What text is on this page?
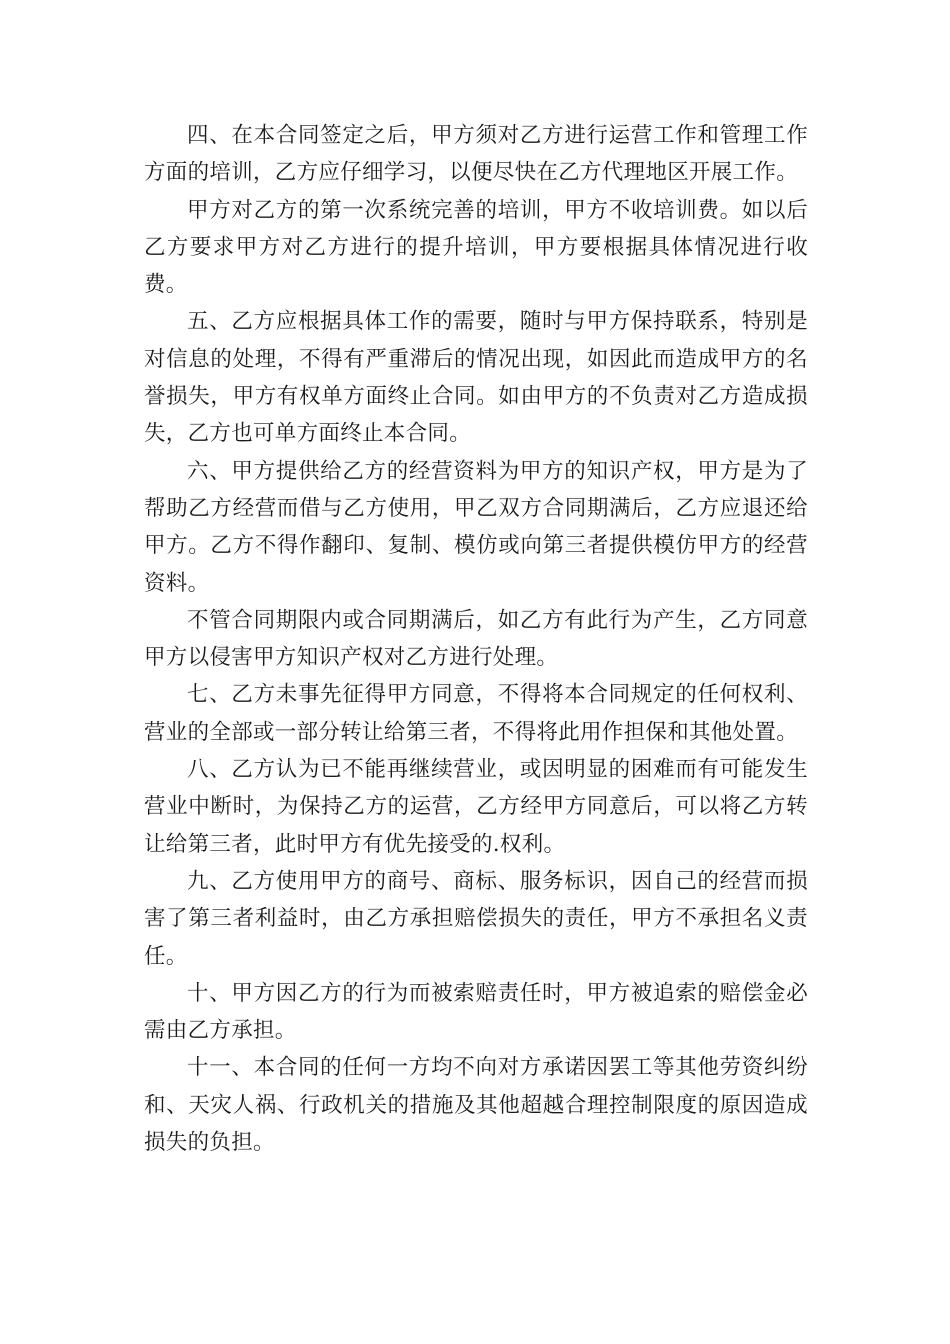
四、在本合同签定之后，甲方须对乙方进行运营工作和管理工作方面的培训，乙方应仔细学习，以便尽快在乙方代理地区开展工作。

甲方对乙方的第一次系统完善的培训，甲方不收培训费。如以后乙方要求甲方对乙方进行的提升培训，甲方要根据具体情况进行收费。

五、乙方应根据具体工作的需要，随时与甲方保持联系，特别是对信息的处理，不得有严重滞后的情况出现，如因此而造成甲方的名誉损失，甲方有权单方面终止合同。如由甲方的不负责对乙方造成损失，乙方也可单方面终止本合同。

六、甲方提供给乙方的经营资料为甲方的知识产权，甲方是为了帮助乙方经营而借与乙方使用，甲乙双方合同期满后，乙方应退还给甲方。乙方不得作翻印、复制、模仿或向第三者提供模仿甲方的经营资料。

不管合同期限内或合同期满后，如乙方有此行为产生，乙方同意甲方以侵害甲方知识产权对乙方进行处理。

七、乙方未事先征得甲方同意，不得将本合同规定的任何权利、营业的全部或一部分转让给第三者，不得将此用作担保和其他处置。

八、乙方认为已不能再继续营业，或因明显的困难而有可能发生营业中断时，为保持乙方的运营，乙方经甲方同意后，可以将乙方转让给第三者，此时甲方有优先接受的.权利。

九、乙方使用甲方的商号、商标、服务标识，因自己的经营而损害了第三者利益时，由乙方承担赔偿损失的责任，甲方不承担名义责任。

十、甲方因乙方的行为而被索赔责任时，甲方被追索的赔偿金必需由乙方承担。

十一、本合同的任何一方均不向对方承诺因罢工等其他劳资纠纷和、天灾人祸、行政机关的措施及其他超越合理控制限度的原因造成损失的负担。
